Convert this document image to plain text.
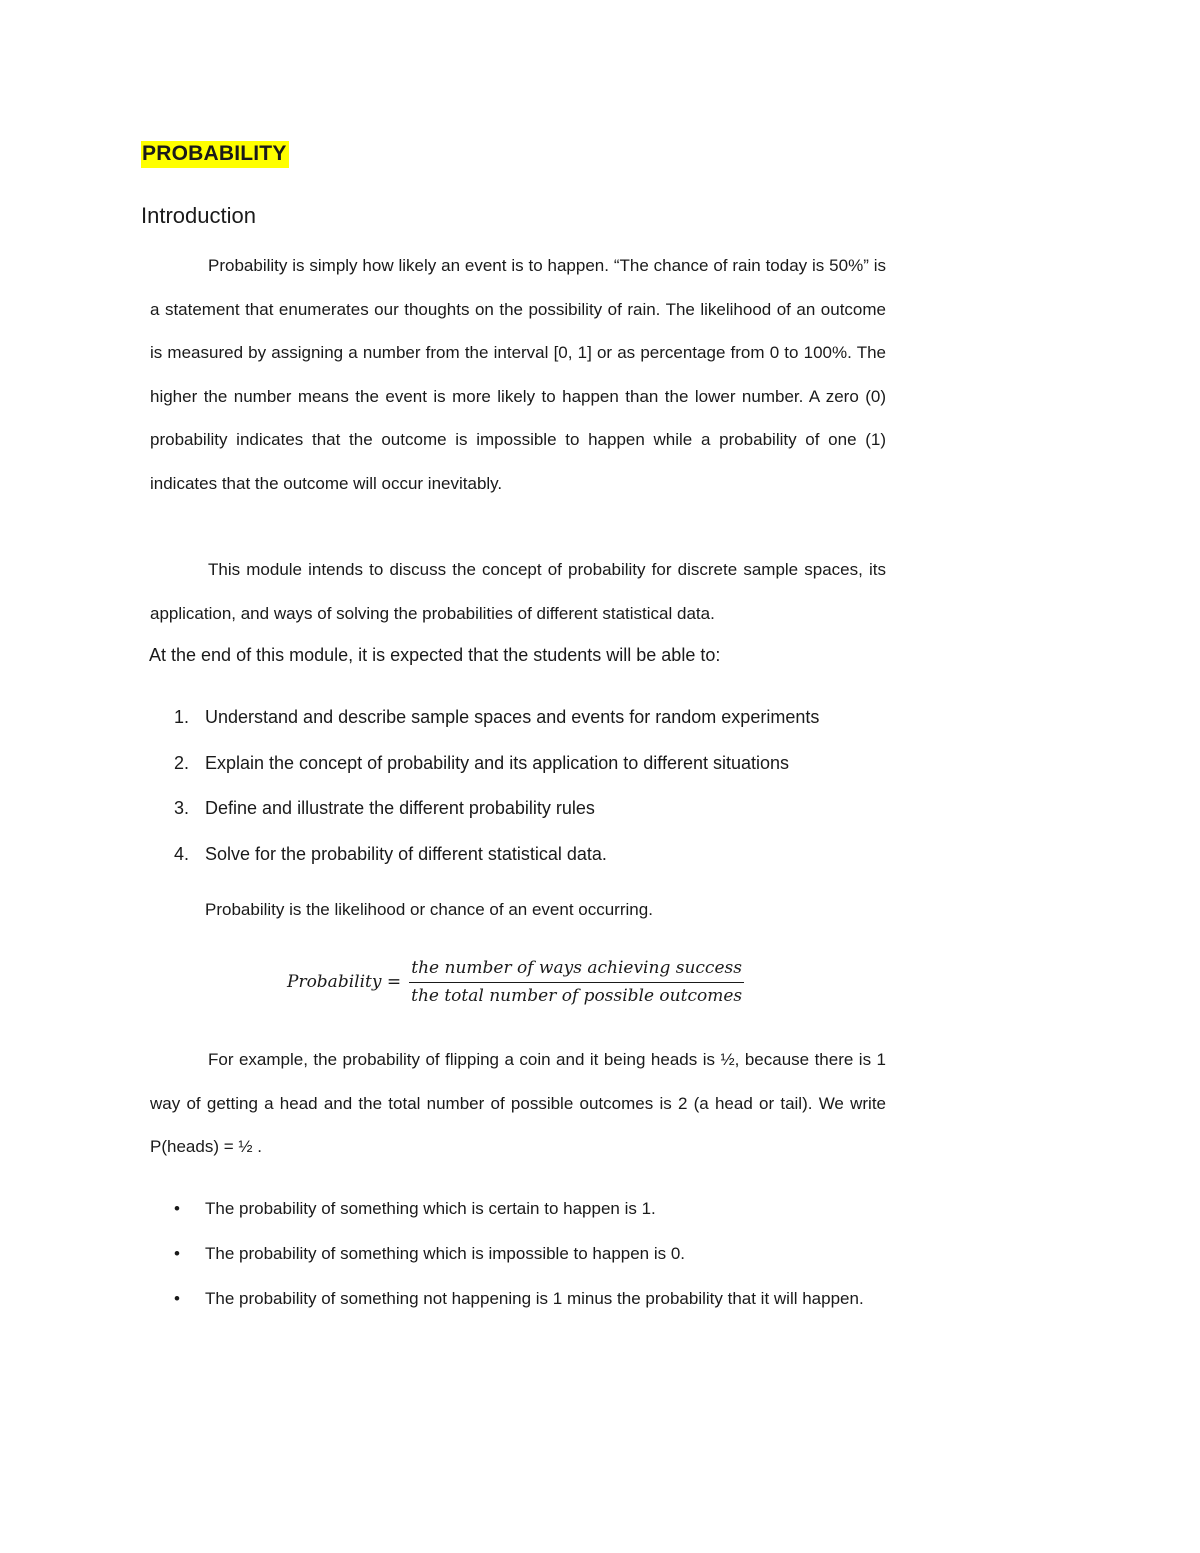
PROBABILITY
Introduction

Probability is simply how likely an event is to happen. “The chance of rain today is 50%” is a statement that enumerates our thoughts on the possibility of rain. The likelihood of an outcome is measured by assigning a number from the interval [0, 1] or as percentage from 0 to 100%. The higher the number means the event is more likely to happen than the lower number. A zero (0) probability indicates that the outcome is impossible to happen while a probability of one (1) indicates that the outcome will occur inevitably.

This module intends to discuss the concept of probability for discrete sample spaces, its application, and ways of solving the probabilities of different statistical data.

At the end of this module, it is expected that the students will be able to:

1. Understand and describe sample spaces and events for random experiments
2. Explain the concept of probability and its application to different situations
3. Define and illustrate the different probability rules
4. Solve for the probability of different statistical data.

Probability is the likelihood or chance of an event occurring.

Probability = $\frac{\text{the number of ways achieving success}}{\text{the total number of possible outcomes}}$

For example, the probability of flipping a coin and it being heads is ½, because there is 1 way of getting a head and the total number of possible outcomes is 2 (a head or tail). We write P(heads) = ½ .

•	The probability of something which is certain to happen is 1.
•	The probability of something which is impossible to happen is 0.
•	The probability of something not happening is 1 minus the probability that it will happen.
